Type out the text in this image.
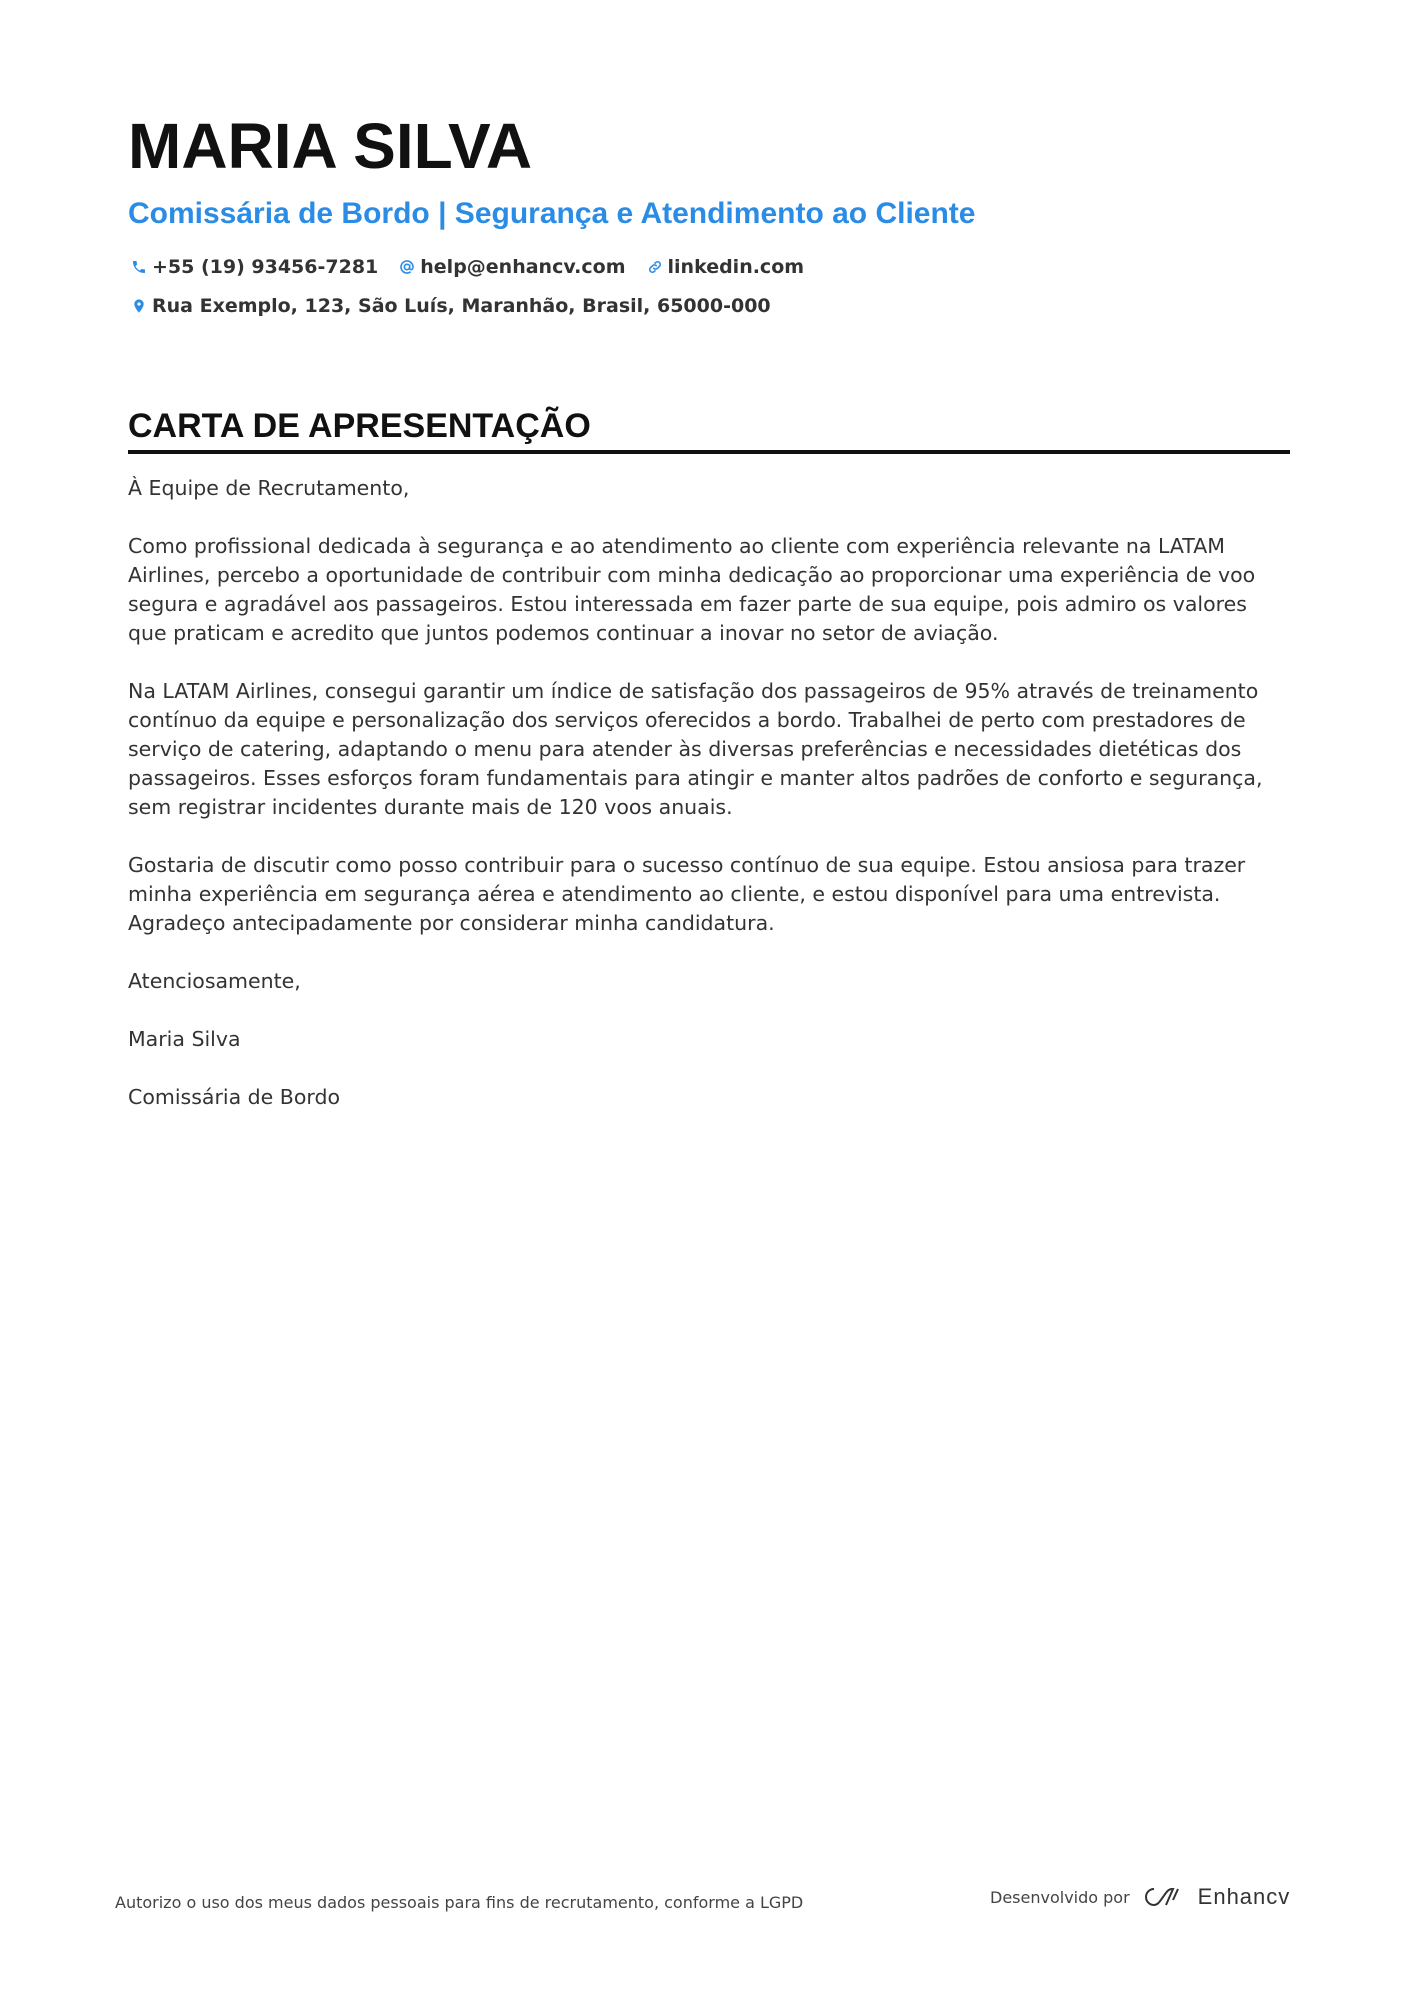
MARIA SILVA
Comissária de Bordo | Segurança e Atendimento ao Cliente
+55 (19) 93456-7281 help@enhancv.com linkedin.com
Rua Exemplo, 123, São Luís, Maranhão, Brasil, 65000-000
CARTA DE APRESENTAÇÃO

À Equipe de Recrutamento,

Como profissional dedicada à segurança e ao atendimento ao cliente com experiência relevante na LATAM Airlines, percebo a oportunidade de contribuir com minha dedicação ao proporcionar uma experiência de voo segura e agradável aos passageiros. Estou interessada em fazer parte de sua equipe, pois admiro os valores que praticam e acredito que juntos podemos continuar a inovar no setor de aviação.

Na LATAM Airlines, consegui garantir um índice de satisfação dos passageiros de 95% através de treinamento contínuo da equipe e personalização dos serviços oferecidos a bordo. Trabalhei de perto com prestadores de serviço de catering, adaptando o menu para atender às diversas preferências e necessidades dietéticas dos passageiros. Esses esforços foram fundamentais para atingir e manter altos padrões de conforto e segurança, sem registrar incidentes durante mais de 120 voos anuais.

Gostaria de discutir como posso contribuir para o sucesso contínuo de sua equipe. Estou ansiosa para trazer minha experiência em segurança aérea e atendimento ao cliente, e estou disponível para uma entrevista. Agradeço antecipadamente por considerar minha candidatura.

Atenciosamente,

Maria Silva

Comissária de Bordo

Autorizo o uso dos meus dados pessoais para fins de recrutamento, conforme a LGPD	Desenvolvido por	Enhancv
